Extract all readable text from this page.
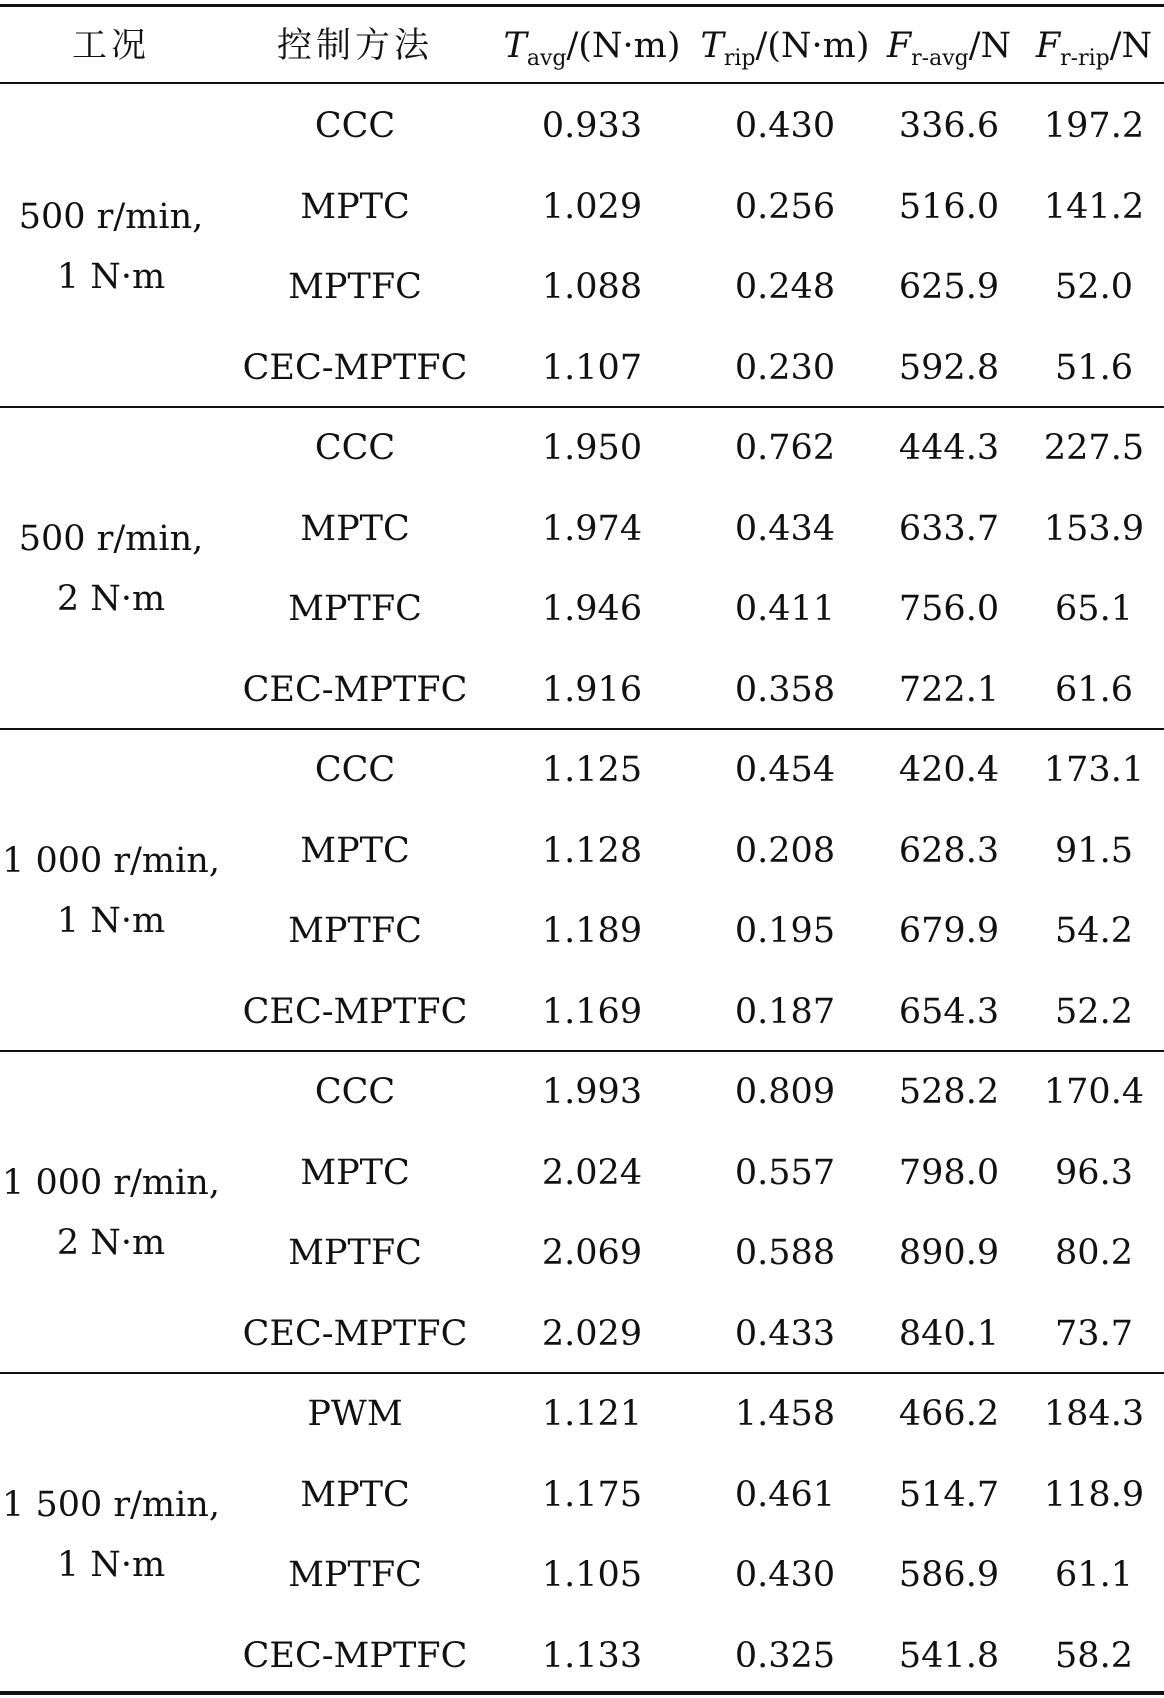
工况	控制方法	$T_{avg}/(N\cdot m)$ $T_{rip}/(N\cdot m)$ $F_{r-avg}/N$ $F_{r-rip}/N$
500 r/min,
1 N·m
CCC	0.933	0.430	336.6	197.2
MPTC	1.029	0.256	516.0	141.2
MPTFC	1.088	0.248	625.9	52.0
CEC-MPTFC	1.107	0.230	592.8	51.6
500 r/min,
2 N·m
CCC	1.950	0.762	444.3	227.5
MPTC	1.974	0.434	633.7	153.9
MPTFC	1.946	0.411	756.0	65.1
CEC-MPTFC	1.916	0.358	722.1	61.6
1 000 r/min,
1 N·m
CCC	1.125	0.454	420.4	173.1
MPTC	1.128	0.208	628.3	91.5
MPTFC	1.189	0.195	679.9	54.2
CEC-MPTFC	1.169	0.187	654.3	52.2
1 000 r/min,
2 N·m
CCC	1.993	0.809	528.2	170.4
MPTC	2.024	0.557	798.0	96.3
MPTFC	2.069	0.588	890.9	80.2
CEC-MPTFC	2.029	0.433	840.1	73.7
1 500 r/min,
1 N·m
PWM	1.121	1.458	466.2	184.3
MPTC	1.175	0.461	514.7	118.9
MPTFC	1.105	0.430	586.9	61.1
CEC-MPTFC	1.133	0.325	541.8	58.2
